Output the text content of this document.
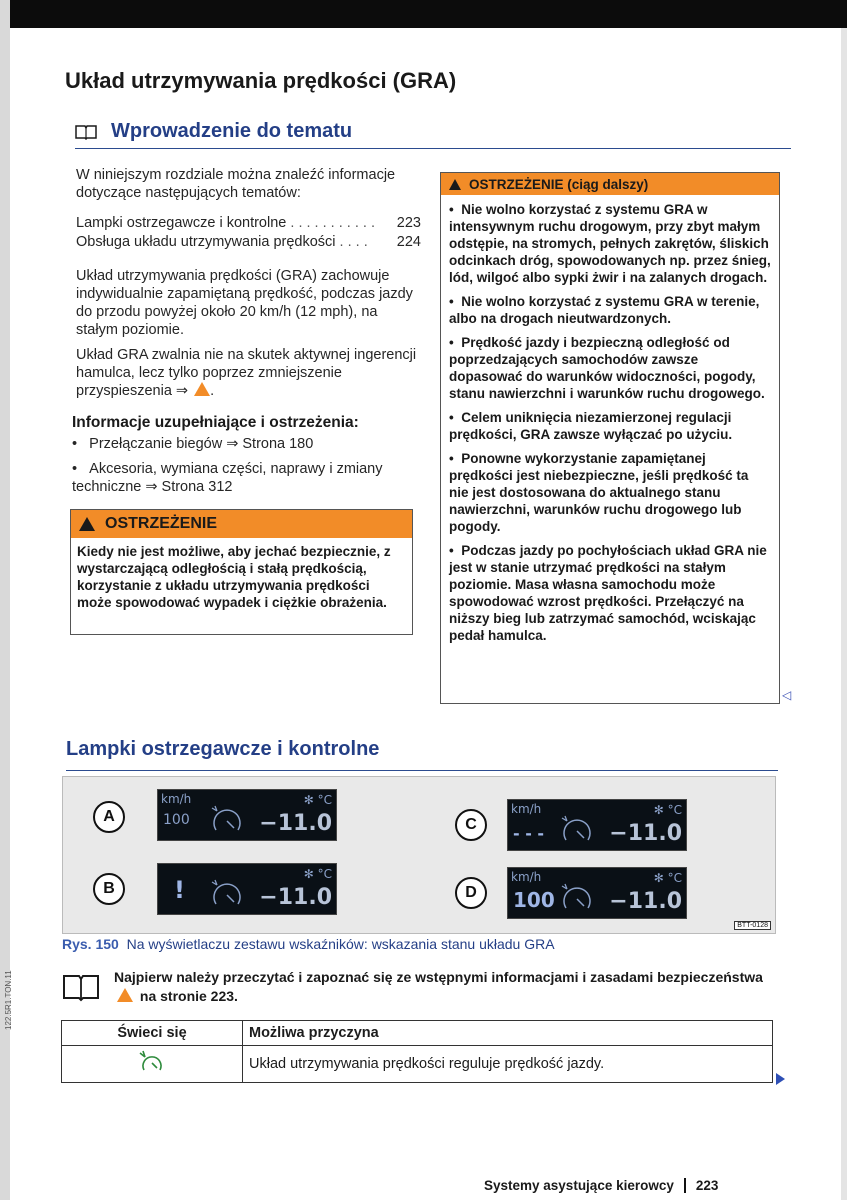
Układ utrzymywania prędkości (GRA)
Wprowadzenie do tematu
W niniejszym rozdziale można znaleźć informacje dotyczące następujących tematów:
Lampki ostrzegawcze i kontrolne . . . . . . . . . . . 223
Obsługa układu utrzymywania prędkości . . . . 224
Układ utrzymywania prędkości (GRA) zachowuje indywidualnie zapamiętaną prędkość, podczas jazdy do przodu powyżej około 20 km/h (12 mph), na stałym poziomie.
Układ GRA zwalnia nie na skutek aktywnej ingerencji hamulca, lecz tylko poprzez zmniejszenie przyspieszenia ⇒ .
Informacje uzupełniające i ostrzeżenia:
•   Przełączanie biegów ⇒ Strona 180
•   Akcesoria, wymiana części, naprawy i zmiany techniczne ⇒ Strona 312
OSTRZEŻENIE
Kiedy nie jest możliwe, aby jechać bezpiecznie, z wystarczającą odległością i stałą prędkością, korzystanie z układu utrzymywania prędkości może spowodować wypadek i ciężkie obrażenia.
OSTRZEŻENIE (ciąg dalszy)

•  Nie wolno korzystać z systemu GRA w intensywnym ruchu drogowym, przy zbyt małym odstępie, na stromych, pełnych zakrętów, śliskich odcinkach dróg, spowodowanych np. przez śnieg, lód, wilgoć albo sypki żwir i na zalanych drogach.

•  Nie wolno korzystać z systemu GRA w terenie, albo na drogach nieutwardzonych.

•  Prędkość jazdy i bezpieczną odległość od poprzedzających samochodów zawsze dopasować do warunków widoczności, pogody, stanu nawierzchni i warunków ruchu drogowego.

•  Celem uniknięcia niezamierzonej regulacji prędkości, GRA zawsze wyłączać po użyciu.

•  Ponowne wykorzystanie zapamiętanej prędkości jest niebezpieczne, jeśli prędkość ta nie jest dostosowana do aktualnego stanu nawierzchni, warunków ruchu drogowego lub pogody.

•  Podczas jazdy po pochyłościach układ GRA nie jest w stanie utrzymać prędkości na stałym poziomie. Masa własna samochodu może spowodować wzrost prędkości. Przełączyć na niższy bieg lub zatrzymać samochód, wciskając pedał hamulca.

◁
Lampki ostrzegawcze i kontrolne
A
km/h
100
✻ °C
−11.0	C
km/h
- - -
✻ °C
−11.0
B	!
✻ °C
−11.0	D
km/h
100
✻ °C
−11.0
BTT-0128
Rys. 150 Na wyświetlaczu zestawu wskaźników: wskazania stanu układu GRA
Najpierw należy przeczytać i zapoznać się ze wstępnymi informacjami i zasadami bezpieczeństwa  na stronie 223.
Świeci się	Możliwa przyczyna
	Układ utrzymywania prędkości reguluje prędkość jazdy.
122.5R1.TON.11
Systemy asystujące kierowcy 223
